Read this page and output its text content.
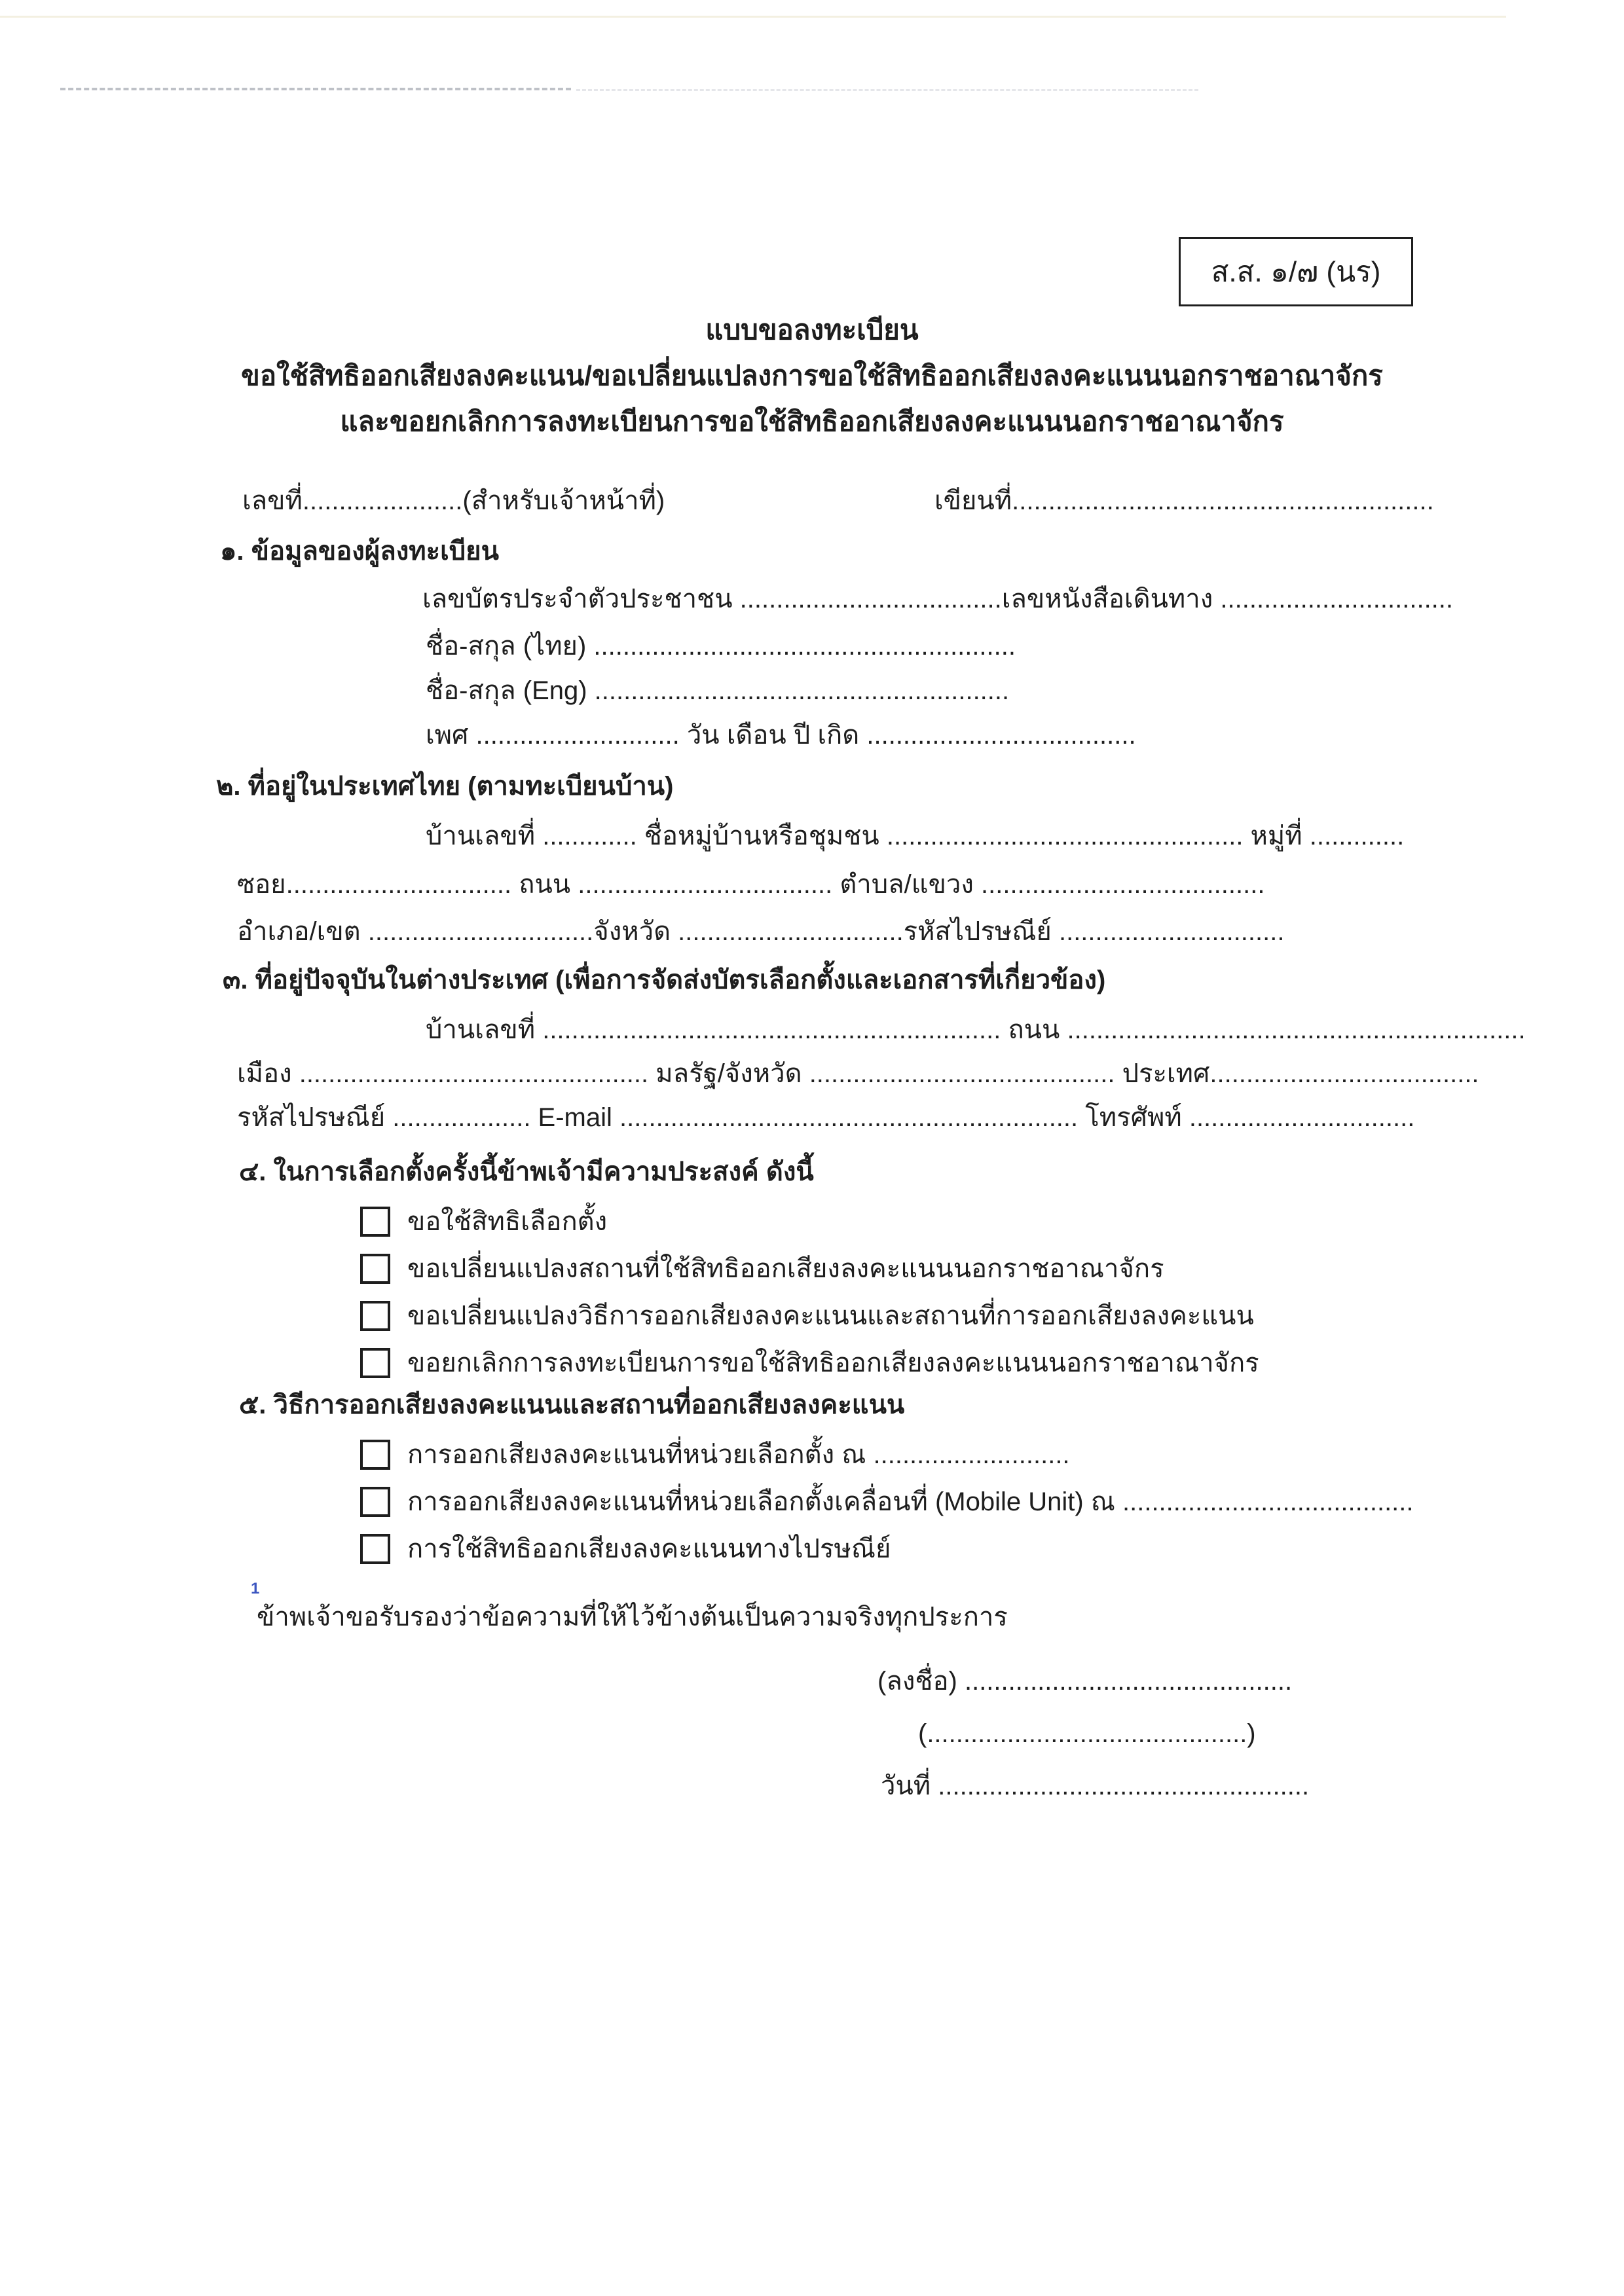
1
ส.ส. ๑/๗ (นร)
แบบขอลงทะเบียน
ขอใช้สิทธิออกเสียงลงคะแนน/ขอเปลี่ยนแปลงการขอใช้สิทธิออกเสียงลงคะแนนนอกราชอาณาจักร
และขอยกเลิกการลงทะเบียนการขอใช้สิทธิออกเสียงลงคะแนนนอกราชอาณาจักร
เลขที่......................(สำหรับเจ้าหน้าที่)	เขียนที่..........................................................
๑. ข้อมูลของผู้ลงทะเบียน
เลขบัตรประจำตัวประชาชน ....................................เลขหนังสือเดินทาง ................................
ชื่อ-สกุล (ไทย) ..........................................................
ชื่อ-สกุล (Eng) .........................................................
เพศ ............................ วัน เดือน ปี เกิด .....................................
๒. ที่อยู่ในประเทศไทย (ตามทะเบียนบ้าน)
บ้านเลขที่ ............. ชื่อหมู่บ้านหรือชุมชน ................................................. หมู่ที่ .............
ซอย............................... ถนน ................................... ตำบล/แขวง .......................................
อำเภอ/เขต ...............................จังหวัด ...............................รหัสไปรษณีย์ ...............................
๓. ที่อยู่ปัจจุบันในต่างประเทศ (เพื่อการจัดส่งบัตรเลือกตั้งและเอกสารที่เกี่ยวข้อง)
บ้านเลขที่ ............................................................... ถนน ...............................................................
เมือง ................................................ มลรัฐ/จังหวัด .......................................... ประเทศ.....................................
รหัสไปรษณีย์ ................... E-mail ............................................................... โทรศัพท์ ...............................
๔. ในการเลือกตั้งครั้งนี้ข้าพเจ้ามีความประสงค์ ดังนี้
ขอใช้สิทธิเลือกตั้ง
ขอเปลี่ยนแปลงสถานที่ใช้สิทธิออกเสียงลงคะแนนนอกราชอาณาจักร
ขอเปลี่ยนแปลงวิธีการออกเสียงลงคะแนนและสถานที่การออกเสียงลงคะแนน
ขอยกเลิกการลงทะเบียนการขอใช้สิทธิออกเสียงลงคะแนนนอกราชอาณาจักร
๕. วิธีการออกเสียงลงคะแนนและสถานที่ออกเสียงลงคะแนน
การออกเสียงลงคะแนนที่หน่วยเลือกตั้ง ณ ...........................
การออกเสียงลงคะแนนที่หน่วยเลือกตั้งเคลื่อนที่ (Mobile Unit) ณ ........................................
การใช้สิทธิออกเสียงลงคะแนนทางไปรษณีย์
ข้าพเจ้าขอรับรองว่าข้อความที่ให้ไว้ข้างต้นเป็นความจริงทุกประการ
(ลงชื่อ) .............................................
(............................................)
วันที่ ...................................................
